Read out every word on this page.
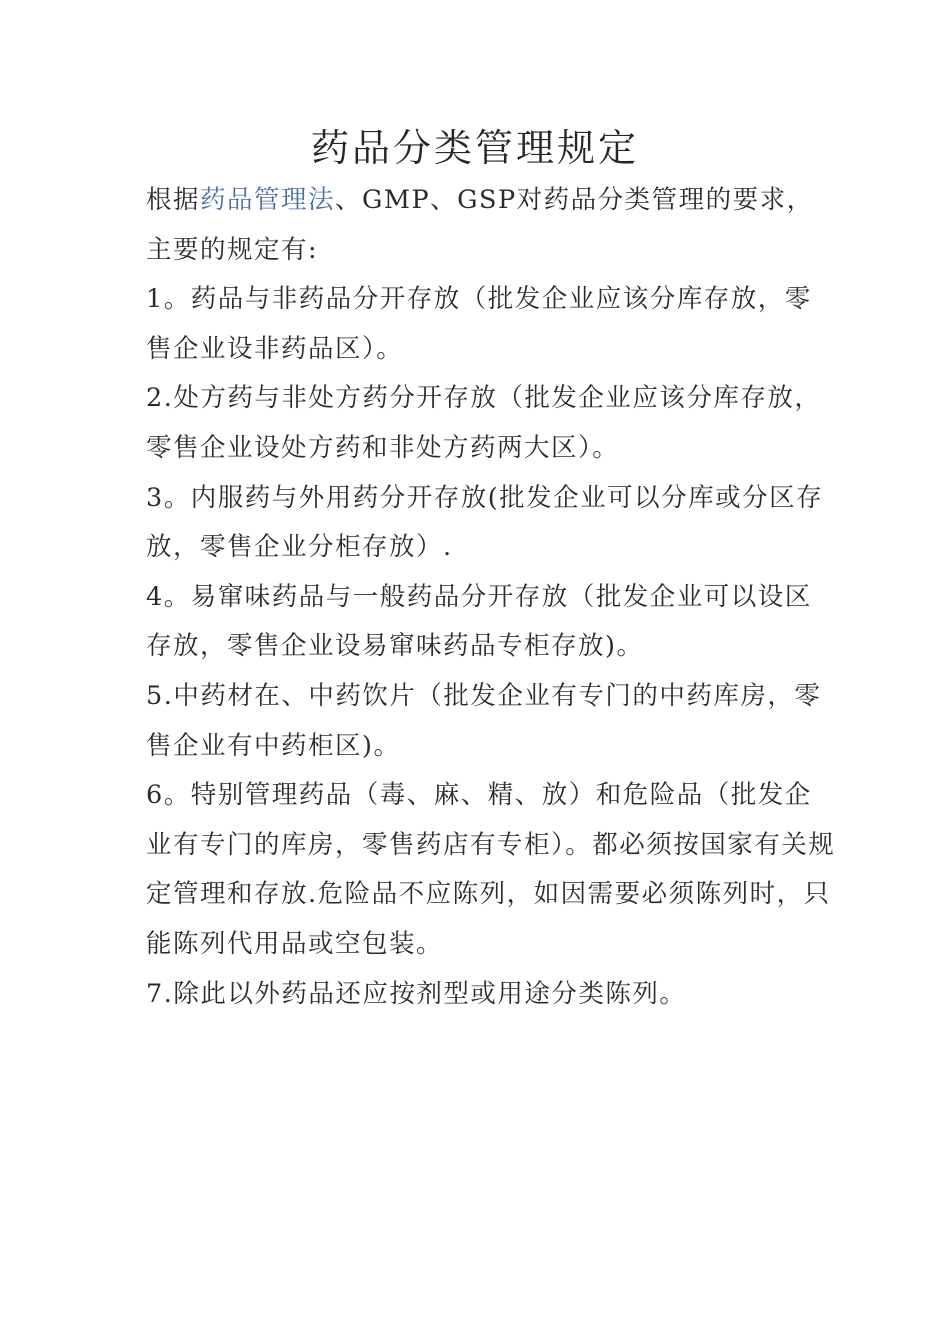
药品分类管理规定

根据药品管理法、GMP、GSP对药品分类管理的要求，主要的规定有:

1。药品与非药品分开存放（批发企业应该分库存放，零售企业设非药品区）。

2.处方药与非处方药分开存放（批发企业应该分库存放，零售企业设处方药和非处方药两大区）。

3。内服药与外用药分开存放(批发企业可以分库或分区存放，零售企业分柜存放）.

4。易窜味药品与一般药品分开存放（批发企业可以设区存放，零售企业设易窜味药品专柜存放)。

5.中药材在、中药饮片（批发企业有专门的中药库房，零售企业有中药柜区)。

6。特别管理药品（毒、麻、精、放）和危险品（批发企业有专门的库房，零售药店有专柜）。都必须按国家有关规定管理和存放.危险品不应陈列，如因需要必须陈列时，只能陈列代用品或空包装。

7.除此以外药品还应按剂型或用途分类陈列。
